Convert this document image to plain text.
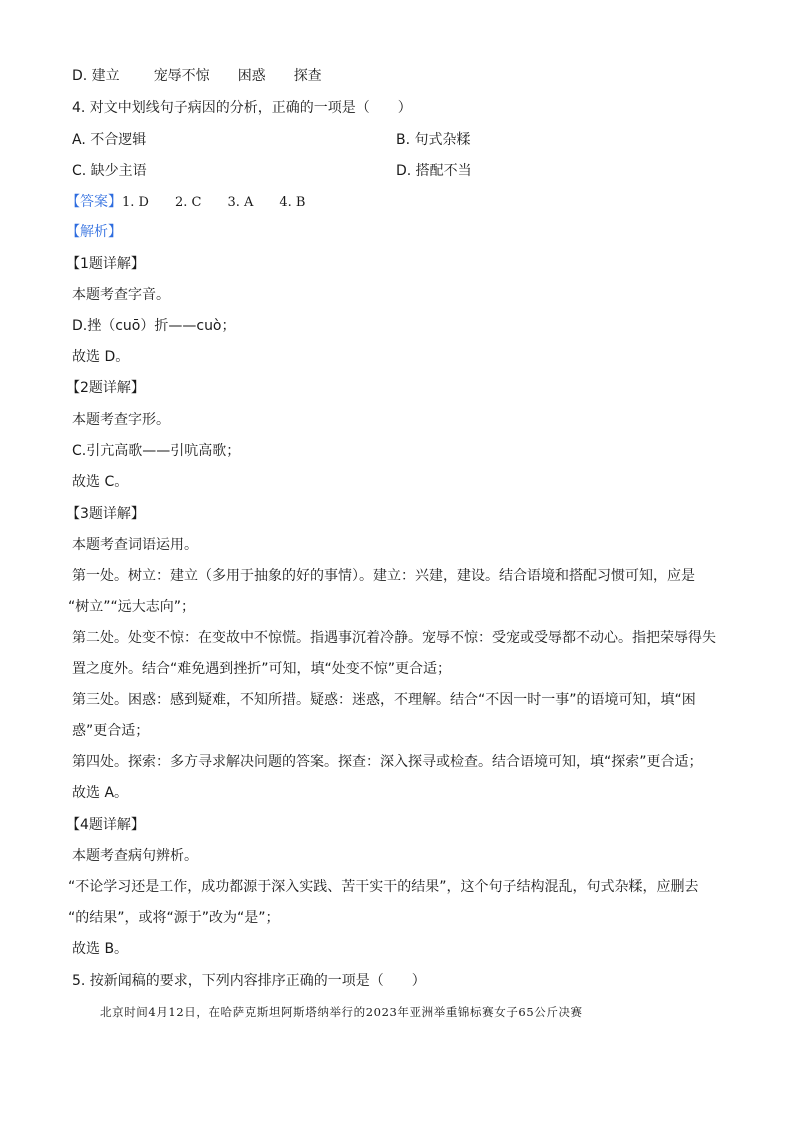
D. 建立 宠辱不惊 困惑 探查
4. 对文中划线句子病因的分析，正确的一项是（　　）
A. 不合逻辑	B. 句式杂糅
C. 缺少主语	D. 搭配不当
【答案】1. D 2. C 3. A 4. B
【解析】
【1题详解】
本题考查字音。
D.挫（cuō）折——cuò；
故选 D。
【2题详解】
本题考查字形。
C.引亢高歌——引吭高歌；
故选 C。
【3题详解】
本题考查词语运用。
第一处。树立：建立（多用于抽象的好的事情）。建立：兴建，建设。结合语境和搭配习惯可知，应是
“树立”“远大志向”；
第二处。处变不惊：在变故中不惊慌。指遇事沉着冷静。宠辱不惊：受宠或受辱都不动心。指把荣辱得失
置之度外。结合“难免遇到挫折”可知，填“处变不惊”更合适；
第三处。困惑：感到疑难，不知所措。疑惑：迷惑，不理解。结合“不因一时一事”的语境可知，填“困
惑”更合适；
第四处。探索：多方寻求解决问题的答案。探查：深入探寻或检查。结合语境可知，填“探索”更合适；
故选 A。
【4题详解】
本题考查病句辨析。
“不论学习还是工作，成功都源于深入实践、苦干实干的结果”，这个句子结构混乱，句式杂糅，应删去
“的结果”，或将“源于”改为“是”；
故选 B。
5. 按新闻稿的要求，下列内容排序正确的一项是（　　）
北京时间4月12日，在哈萨克斯坦阿斯塔纳举行的2023年亚洲举重锦标赛女子65公斤决赛
